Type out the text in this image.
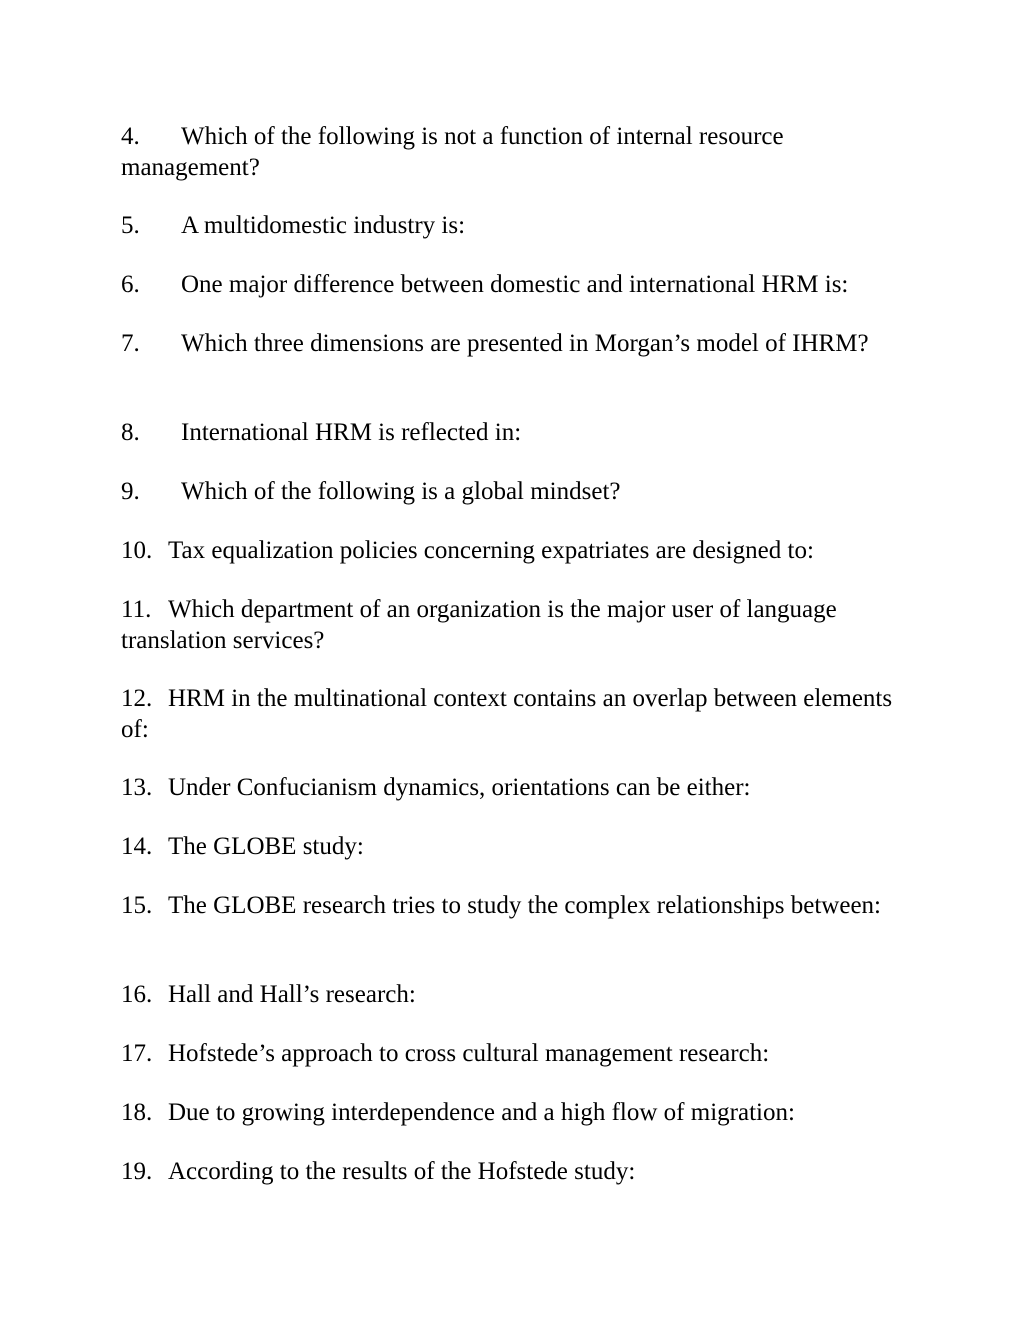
4. Which of the following is not a function of internal resource management?
5. A multidomestic industry is:
6. One major difference between domestic and international HRM is:
7. Which three dimensions are presented in Morgan’s model of IHRM?
8. International HRM is reflected in:
9. Which of the following is a global mindset?
10. Tax equalization policies concerning expatriates are designed to:
11. Which department of an organization is the major user of language translation services?
12. HRM in the multinational context contains an overlap between elements of:
13. Under Confucianism dynamics, orientations can be either:
14. The GLOBE study:
15. The GLOBE research tries to study the complex relationships between:
16. Hall and Hall’s research:
17. Hofstede’s approach to cross cultural management research:
18. Due to growing interdependence and a high flow of migration:
19. According to the results of the Hofstede study:
